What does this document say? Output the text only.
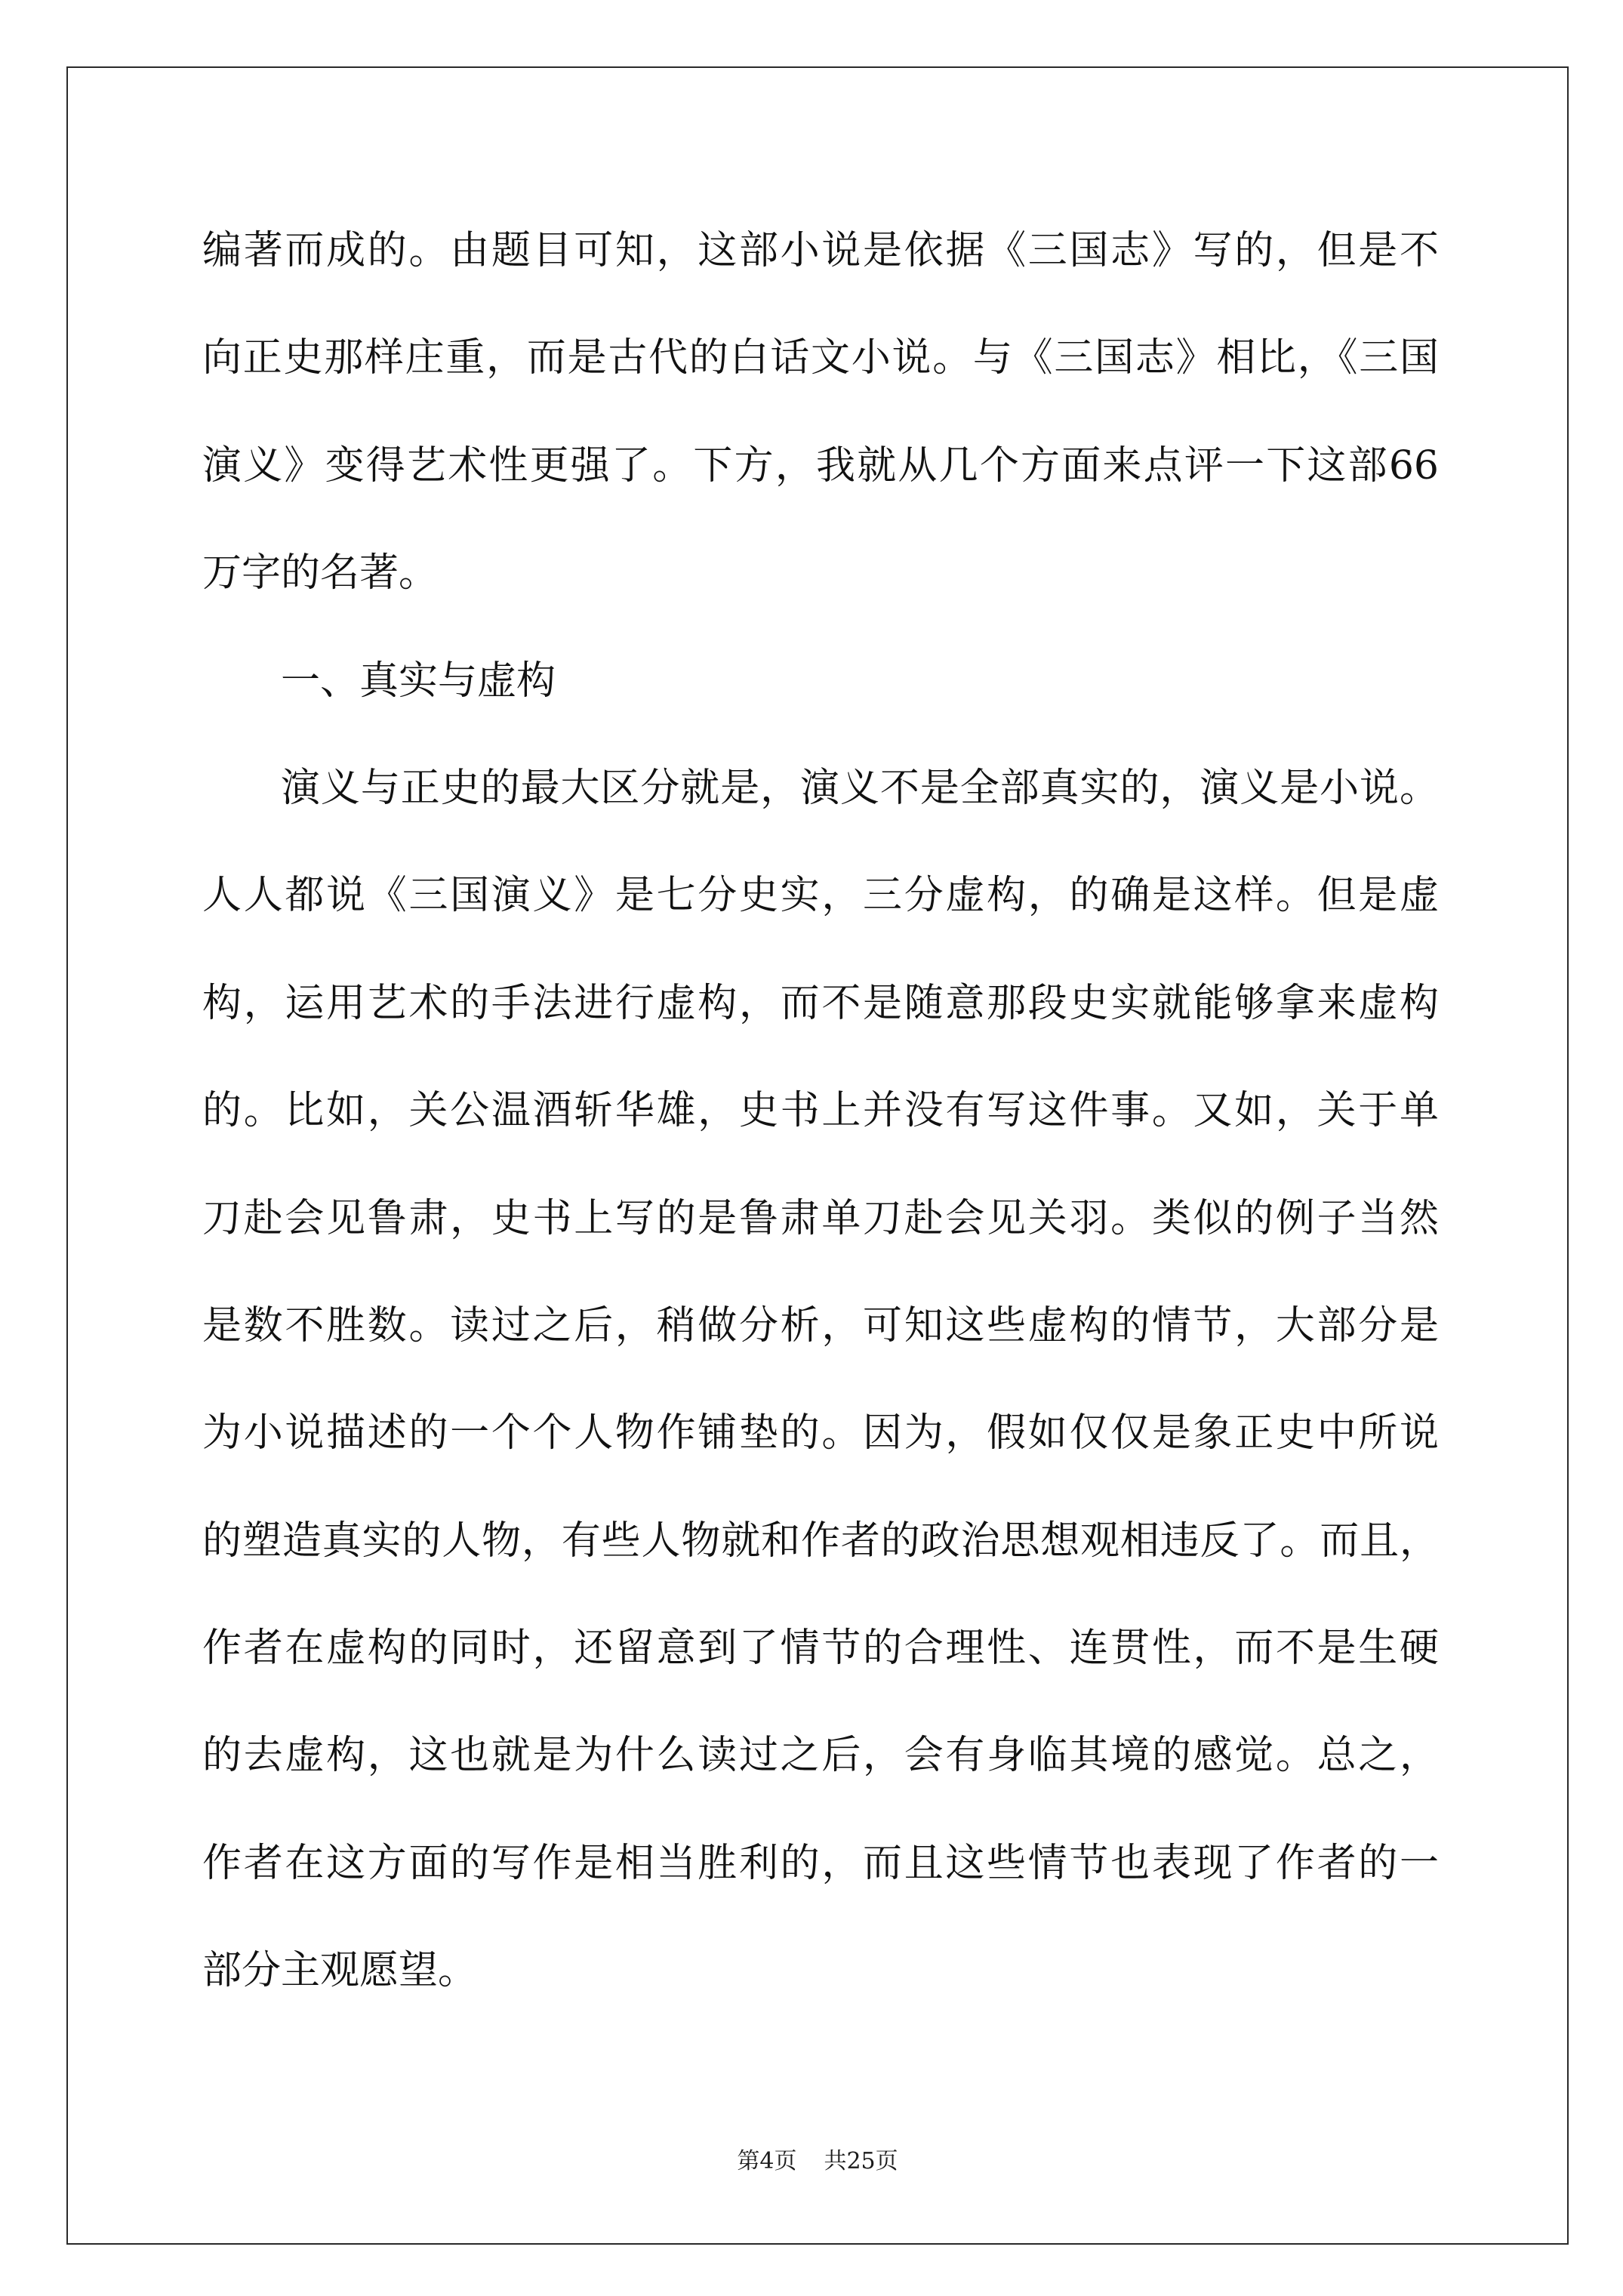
编著而成的。由题目可知，这部小说是依据《三国志》写的，但是不
向正史那样庄重，而是古代的白话文小说。与《三国志》相比，《三国
演义》变得艺术性更强了。下方，我就从几个方面来点评一下这部66
万字的名著。
一、真实与虚构
演义与正史的最大区分就是，演义不是全部真实的，演义是小说。
人人都说《三国演义》是七分史实，三分虚构，的确是这样。但是虚
构，运用艺术的手法进行虚构，而不是随意那段史实就能够拿来虚构
的。比如，关公温酒斩华雄，史书上并没有写这件事。又如，关于单
刀赴会见鲁肃，史书上写的是鲁肃单刀赴会见关羽。类似的例子当然
是数不胜数。读过之后，稍做分析，可知这些虚构的情节，大部分是
为小说描述的一个个人物作铺垫的。因为，假如仅仅是象正史中所说
的塑造真实的人物，有些人物就和作者的政治思想观相违反了。而且，
作者在虚构的同时，还留意到了情节的合理性、连贯性，而不是生硬
的去虚构，这也就是为什么读过之后，会有身临其境的感觉。总之，
作者在这方面的写作是相当胜利的，而且这些情节也表现了作者的一
部分主观愿望。
第4页 共25页
